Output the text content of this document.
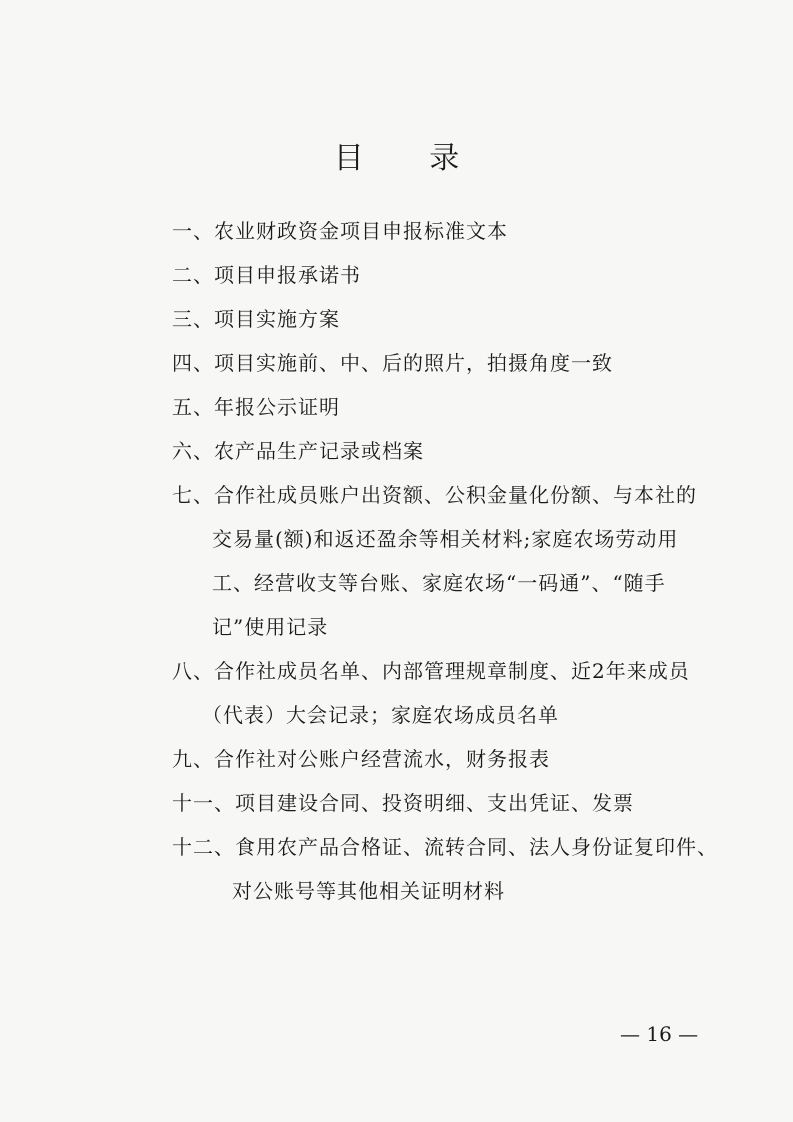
目 录
一、农业财政资金项目申报标准文本
二、项目申报承诺书
三、项目实施方案
四、项目实施前、中、后的照片，拍摄角度一致
五、年报公示证明
六、农产品生产记录或档案
七、合作社成员账户出资额、公积金量化份额、与本社的
交易量(额)和返还盈余等相关材料;家庭农场劳动用
工、经营收支等台账、家庭农场“一码通”、“随手
记”使用记录
八、合作社成员名单、内部管理规章制度、近2年来成员
（代表）大会记录；家庭农场成员名单
九、合作社对公账户经营流水，财务报表
十一、项目建设合同、投资明细、支出凭证、发票
十二、食用农产品合格证、流转合同、法人身份证复印件、
对公账号等其他相关证明材料
— 16 —
